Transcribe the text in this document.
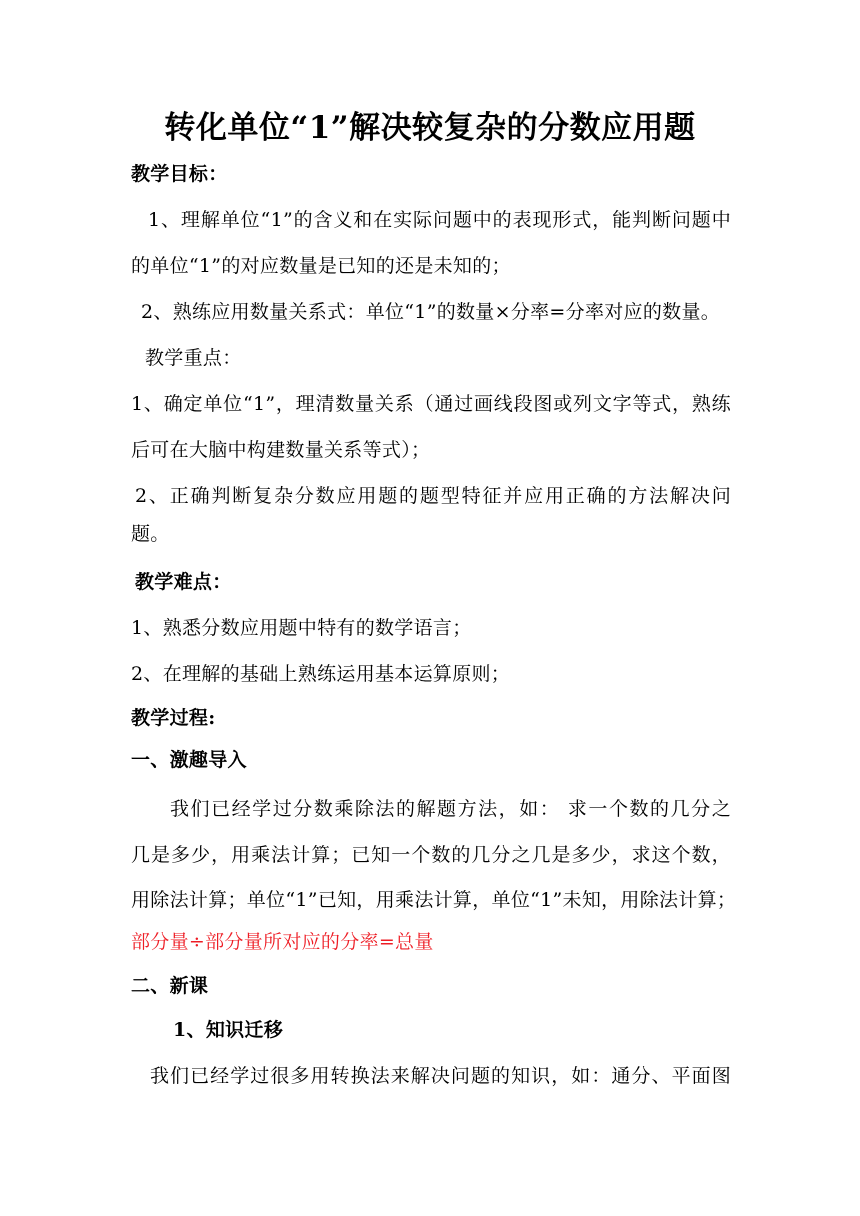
转化单位“1”解决较复杂的分数应用题
教学目标：
1、理解单位“1”的含义和在实际问题中的表现形式，能判断问题中
的单位“1”的对应数量是已知的还是未知的；
2、熟练应用数量关系式：单位“1”的数量×分率=分率对应的数量。
教学重点：
1、确定单位“1”，理清数量关系（通过画线段图或列文字等式，熟练
后可在大脑中构建数量关系等式）；
2、正确判断复杂分数应用题的题型特征并应用正确的方法解决问
题。
教学难点：
1、熟悉分数应用题中特有的数学语言；
2、在理解的基础上熟练运用基本运算原则；
教学过程:
一、激趣导入
我们已经学过分数乘除法的解题方法，如： 求一个数的几分之
几是多少，用乘法计算；已知一个数的几分之几是多少，求这个数，
用除法计算；单位“1”已知，用乘法计算，单位“1”未知，用除法计算；
部分量÷部分量所对应的分率=总量
二、新课
1、知识迁移
我们已经学过很多用转换法来解决问题的知识，如：通分、平面图
